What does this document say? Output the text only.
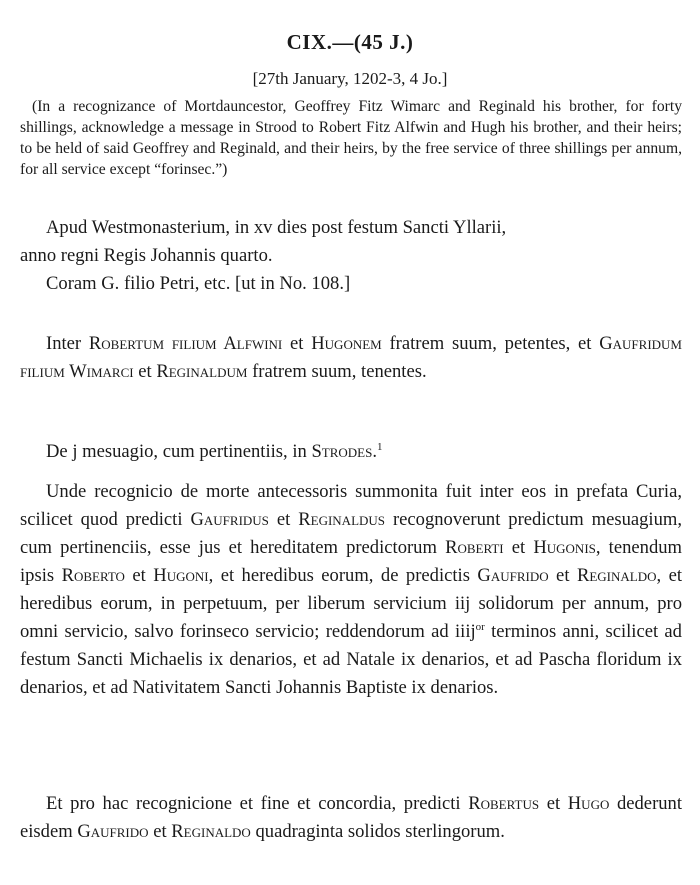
CIX.—(45 J.)
[27th January, 1202-3, 4 Jo.]

(In a recognizance of Mortdauncestor, Geoffrey Fitz Wimarc and Reginald his brother, for forty shillings, acknowledge a message in Strood to Robert Fitz Alfwin and Hugh his brother, and their heirs; to be held of said Geoffrey and Reginald, and their heirs, by the free service of three shillings per annum, for all service except “forinsec.”)

Apud Westmonasterium, in xv dies post festum Sancti Yllarii,
anno regni Regis Johannis quarto.
Coram G. filio Petri, etc. [ut in No. 108.]

Inter Robertum filium Alfwini et Hugonem fratrem suum, petentes, et Gaufridum filium Wimarci et Reginaldum fratrem suum, tenentes.

De j mesuagio, cum pertinentiis, in Strodes.$^1$

Unde recognicio de morte antecessoris summonita fuit inter eos in prefata Curia, scilicet quod predicti Gaufridus et Reginaldus recognoverunt predictum mesuagium, cum pertinenciis, esse jus et hereditatem predictorum Roberti et Hugonis, tenendum ipsis Roberto et Hugoni, et heredibus eorum, de predictis Gaufrido et Reginaldo, et heredibus eorum, in perpetuum, per liberum servicium iij solidorum per annum, pro omni servicio, salvo forinseco servicio; reddendorum ad iiij$^{or}$ terminos anni, scilicet ad festum Sancti Michaelis ix denarios, et ad Natale ix denarios, et ad Pascha floridum ix denarios, et ad Nativitatem Sancti Johannis Baptiste ix denarios.

Et pro hac recognicione et fine et concordia, predicti Robertus et Hugo dederunt eisdem Gaufrido et Reginaldo quadraginta solidos sterlingorum.
